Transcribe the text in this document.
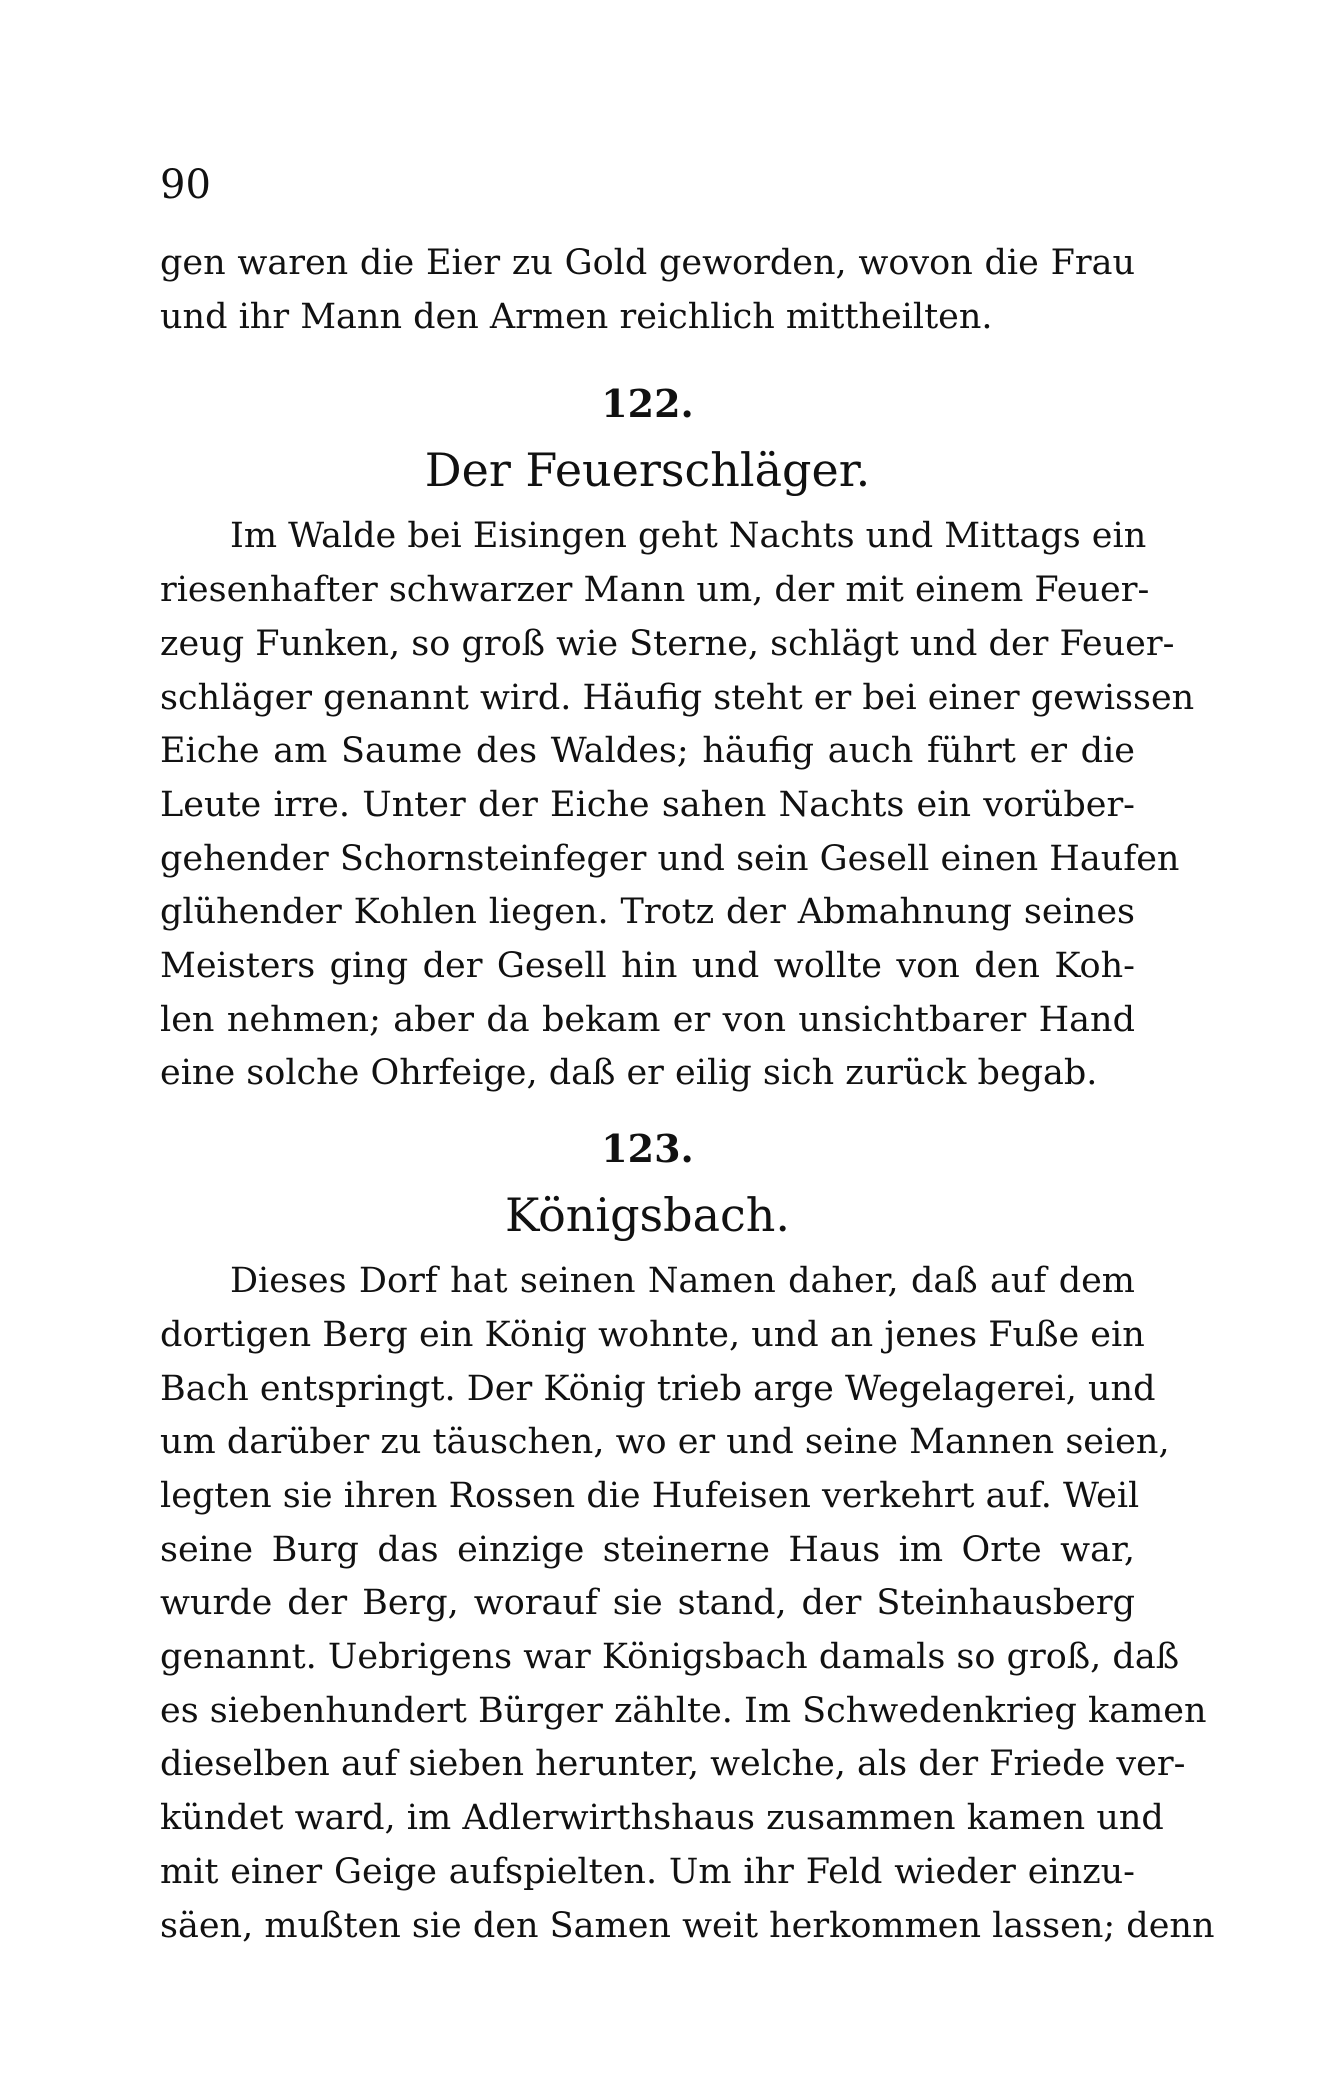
90
gen waren die Eier zu Gold geworden, wovon die Frau
und ihr Mann den Armen reichlich mittheilten.
122.
Der Feuerschläger.
Im Walde bei Eisingen geht Nachts und Mittags ein
riesenhafter schwarzer Mann um, der mit einem Feuer-
zeug Funken, so groß wie Sterne, schlägt und der Feuer-
schläger genannt wird. Häufig steht er bei einer gewissen
Eiche am Saume des Waldes; häufig auch führt er die
Leute irre. Unter der Eiche sahen Nachts ein vorüber-
gehender Schornsteinfeger und sein Gesell einen Haufen
glühender Kohlen liegen. Trotz der Abmahnung seines
Meisters ging der Gesell hin und wollte von den Koh-
len nehmen; aber da bekam er von unsichtbarer Hand
eine solche Ohrfeige, daß er eilig sich zurück begab.
123.
Königsbach.
Dieses Dorf hat seinen Namen daher, daß auf dem
dortigen Berg ein König wohnte, und an jenes Fuße ein
Bach entspringt. Der König trieb arge Wegelagerei, und
um darüber zu täuschen, wo er und seine Mannen seien,
legten sie ihren Rossen die Hufeisen verkehrt auf. Weil
seine Burg das einzige steinerne Haus im Orte war,
wurde der Berg, worauf sie stand, der Steinhausberg
genannt. Uebrigens war Königsbach damals so groß, daß
es siebenhundert Bürger zählte. Im Schwedenkrieg kamen
dieselben auf sieben herunter, welche, als der Friede ver-
kündet ward, im Adlerwirthshaus zusammen kamen und
mit einer Geige aufspielten. Um ihr Feld wieder einzu-
säen, mußten sie den Samen weit herkommen lassen; denn
